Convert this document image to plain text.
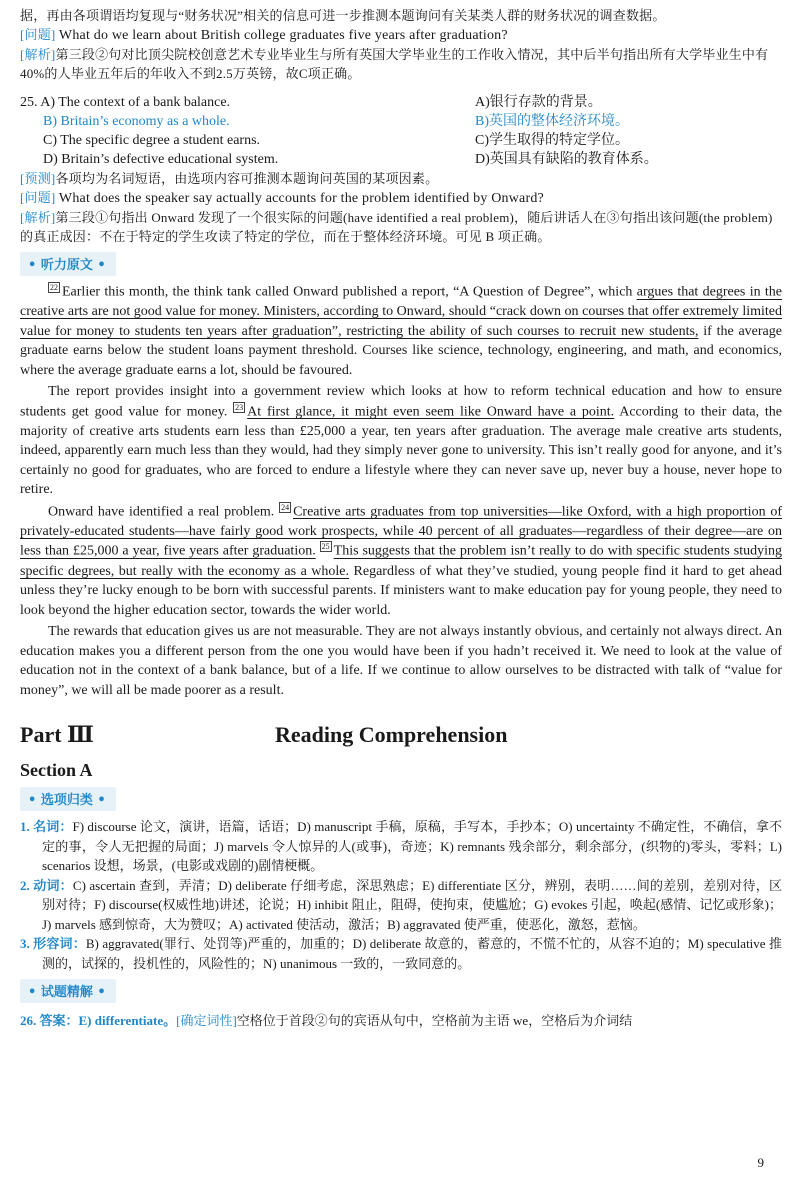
据，再由各项谓语均复现与“财务状况”相关的信息可进一步推测本题询问有关某类人群的财务状况的调查数据。

[问题] What do we learn about British college graduates five years after graduation?

[解析]第三段②句对比顶尖院校创意艺术专业毕业生与所有英国大学毕业生的工作收入情况，其中后半句指出所有大学毕业生中有40%的人毕业五年后的年收入不到2.5万英镑，故C项正确。

25. A) The context of a bank balance.	A)银行存款的背景。
B) Britain’s economy as a whole.	B)英国的整体经济环境。
C) The specific degree a student earns.	C)学生取得的特定学位。
D) Britain’s defective educational system.	D)英国具有缺陷的教育体系。

[预测]各项均为名词短语，由选项内容可推测本题询问英国的某项因素。

[问题] What does the speaker say actually accounts for the problem identified by Onward?

[解析]第三段①句指出 Onward 发现了一个很实际的问题(have identified a real problem)，随后讲话人在③句指出该问题(the problem)的真正成因：不在于特定的学生攻读了特定的学位，而在于整体经济环境。可见 B 项正确。

• 听力原文 •

22 Earlier this month, the think tank called Onward published a report, “A Question of Degree”, which argues that degrees in the creative arts are not good value for money. Ministers, according to Onward, should “crack down on courses that offer extremely limited value for money to students ten years after graduation”, restricting the ability of such courses to recruit new students, if the average graduate earns below the student loans payment threshold. Courses like science, technology, engineering, and math, and economics, where the average graduate earns a lot, should be favoured.

The report provides insight into a government review which looks at how to reform technical education and how to ensure students get good value for money. 23 At first glance, it might even seem like Onward have a point. According to their data, the majority of creative arts students earn less than £25,000 a year, ten years after graduation. The average male creative arts students, indeed, apparently earn much less than they would, had they simply never gone to university. This isn’t really good for anyone, and it’s certainly no good for graduates, who are forced to endure a lifestyle where they can never save up, never buy a house, never hope to retire.

Onward have identified a real problem. 24 Creative arts graduates from top universities—like Oxford, with a high proportion of privately-educated students—have fairly good work prospects, while 40 percent of all graduates—regardless of their degree—are on less than £25,000 a year, five years after graduation. 25 This suggests that the problem isn’t really to do with specific students studying specific degrees, but really with the economy as a whole. Regardless of what they’ve studied, young people find it hard to get ahead unless they’re lucky enough to be born with successful parents. If ministers want to make education pay for young people, they need to look beyond the higher education sector, towards the wider world.

The rewards that education gives us are not measurable. They are not always instantly obvious, and certainly not always direct. An education makes you a different person from the one you would have been if you hadn’t received it. We need to look at the value of education not in the context of a bank balance, but of a life. If we continue to allow ourselves to be distracted with talk of “value for money”, we will all be made poorer as a result.

Part Ⅲ	Reading Comprehension
Section A
• 选项归类 •

1. 名词：F) discourse 论文，演讲，语篇，话语；D) manuscript 手稿，原稿，手写本，手抄本；O) uncertainty 不确定性，不确信，拿不定的事，令人无把握的局面；J) marvels 令人惊异的人(或事)，奇迹；K) remnants 残余部分，剩余部分，(织物的)零头，零料；L) scenarios 设想，场景，(电影或戏剧的)剧情梗概。

2. 动词：C) ascertain 查到，弄清；D) deliberate 仔细考虑，深思熟虑；E) differentiate 区分，辨别，表明……间的差别，差别对待，区别对待；F) discourse(权威性地)讲述，论说；H) inhibit 阻止，阻碍，使拘束，使尴尬；G) evokes 引起，唤起(感情、记忆或形象)；J) marvels 感到惊奇，大为赞叹；A) activated 使活动，激活；B) aggravated 使严重，使恶化，激怒，惹恼。

3. 形容词：B) aggravated(罪行、处罚等)严重的，加重的；D) deliberate 故意的，蓄意的，不慌不忙的，从容不迫的；M) speculative 推测的，试探的，投机性的，风险性的；N) unanimous 一致的，一致同意的。

• 试题精解 •

26. 答案：E) differentiate。[确定词性]空格位于首段②句的宾语从句中，空格前为主语 we，空格后为介词结

9
